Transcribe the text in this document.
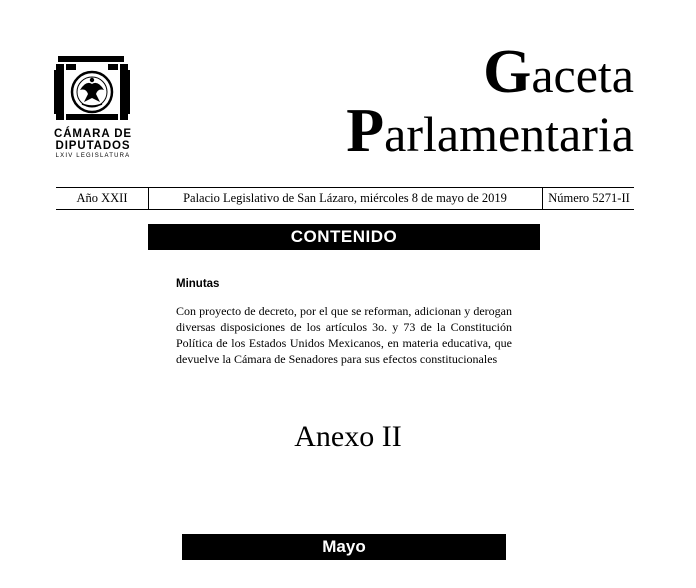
CÁMARA DE
DIPUTADOS
LXIV LEGISLATURA
Gaceta
Parlamentaria
Año XXII	Palacio Legislativo de San Lázaro, miércoles 8 de mayo de 2019	Número 5271-II
CONTENIDO
Minutas
Con proyecto de decreto, por el que se reforman, adicionan y derogan diversas disposiciones de los artículos 3o. y 73 de la Constitución Política de los Estados Unidos Mexicanos, en materia educativa, que devuelve la Cámara de Senadores para sus efectos constitucionales
Anexo II
Mayo
